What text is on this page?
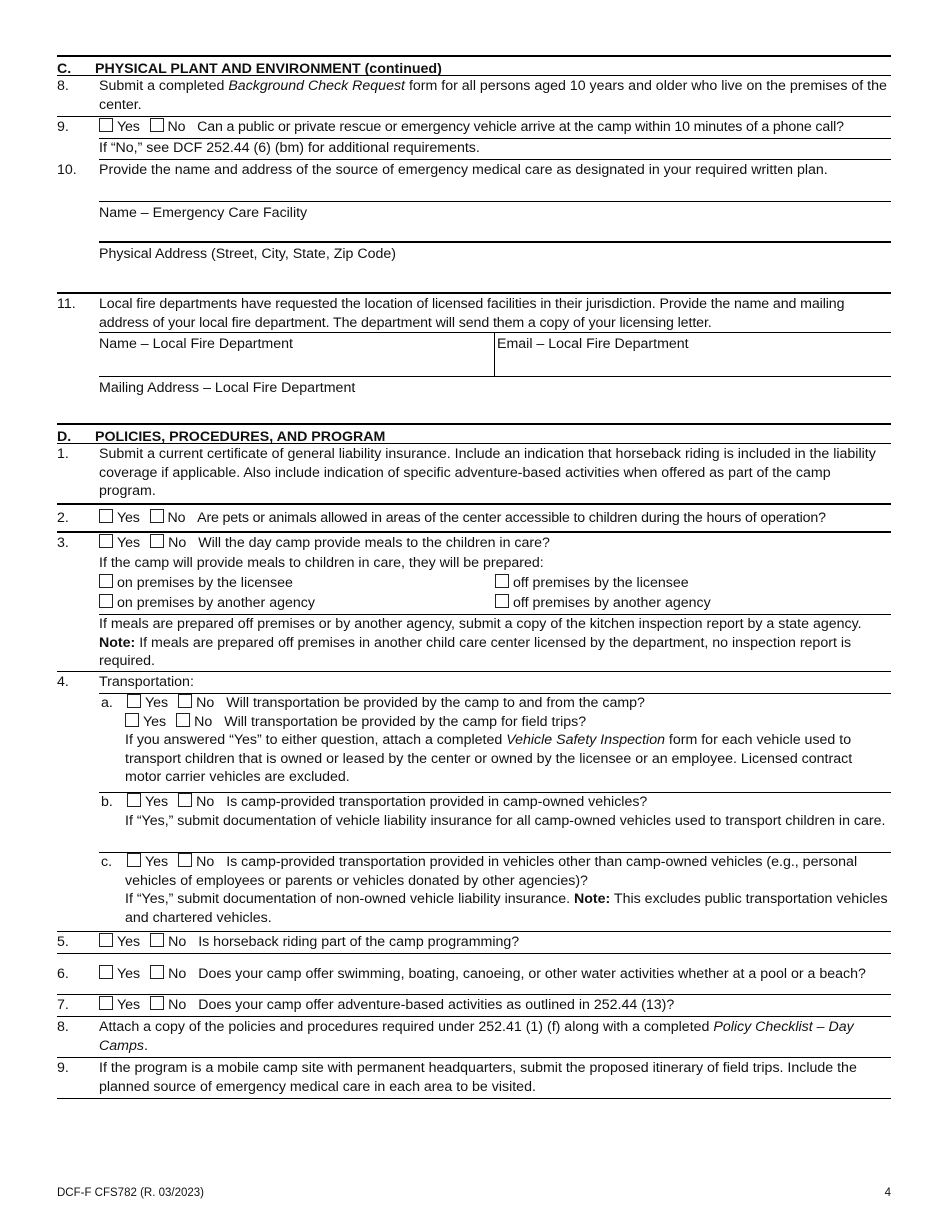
C.	PHYSICAL PLANT AND ENVIRONMENT (continued)
8.	Submit a completed Background Check Request form for all persons aged 10 years and older who live on the premises of the center.
9.	Yes No Can a public or private rescue or emergency vehicle arrive at the camp within 10 minutes of a phone call?
If “No,” see DCF 252.44 (6) (bm) for additional requirements.
10.	Provide the name and address of the source of emergency medical care as designated in your required written plan.
Name – Emergency Care Facility
Physical Address (Street, City, State, Zip Code)
11.	Local fire departments have requested the location of licensed facilities in their jurisdiction. Provide the name and mailing address of your local fire department. The department will send them a copy of your licensing letter.
Name – Local Fire Department	Email – Local Fire Department
Mailing Address – Local Fire Department
D.	POLICIES, PROCEDURES, AND PROGRAM
1.	Submit a current certificate of general liability insurance. Include an indication that horseback riding is included in the liability coverage if applicable. Also include indication of specific adventure-based activities when offered as part of the camp program.
2.	Yes No Are pets or animals allowed in areas of the center accessible to children during the hours of operation?
3.	Yes No Will the day camp provide meals to the children in care?
If the camp will provide meals to children in care, they will be prepared:
on premises by the licensee	off premises by the licensee
on premises by another agency	off premises by another agency
If meals are prepared off premises or by another agency, submit a copy of the kitchen inspection report by a state agency. Note: If meals are prepared off premises in another child care center licensed by the department, no inspection report is required.
4.	Transportation:
a. Yes No Will transportation be provided by the camp to and from the camp?
Yes No Will transportation be provided by the camp for field trips?
If you answered “Yes” to either question, attach a completed Vehicle Safety Inspection form for each vehicle used to transport children that is owned or leased by the center or owned by the licensee or an employee. Licensed contract motor carrier vehicles are excluded.
b. Yes No Is camp-provided transportation provided in camp-owned vehicles?
If “Yes,” submit documentation of vehicle liability insurance for all camp-owned vehicles used to transport children in care.
c. Yes No Is camp-provided transportation provided in vehicles other than camp-owned vehicles (e.g., personal vehicles of employees or parents or vehicles donated by other agencies)?
If “Yes,” submit documentation of non-owned vehicle liability insurance. Note: This excludes public transportation vehicles and chartered vehicles.
5.	Yes No Is horseback riding part of the camp programming?
6.	Yes No Does your camp offer swimming, boating, canoeing, or other water activities whether at a pool or a beach?
7.	Yes No Does your camp offer adventure-based activities as outlined in 252.44 (13)?
8.	Attach a copy of the policies and procedures required under 252.41 (1) (f) along with a completed Policy Checklist – Day Camps.
9.	If the program is a mobile camp site with permanent headquarters, submit the proposed itinerary of field trips. Include the planned source of emergency medical care in each area to be visited.
DCF-F CFS782 (R. 03/2023)	4
